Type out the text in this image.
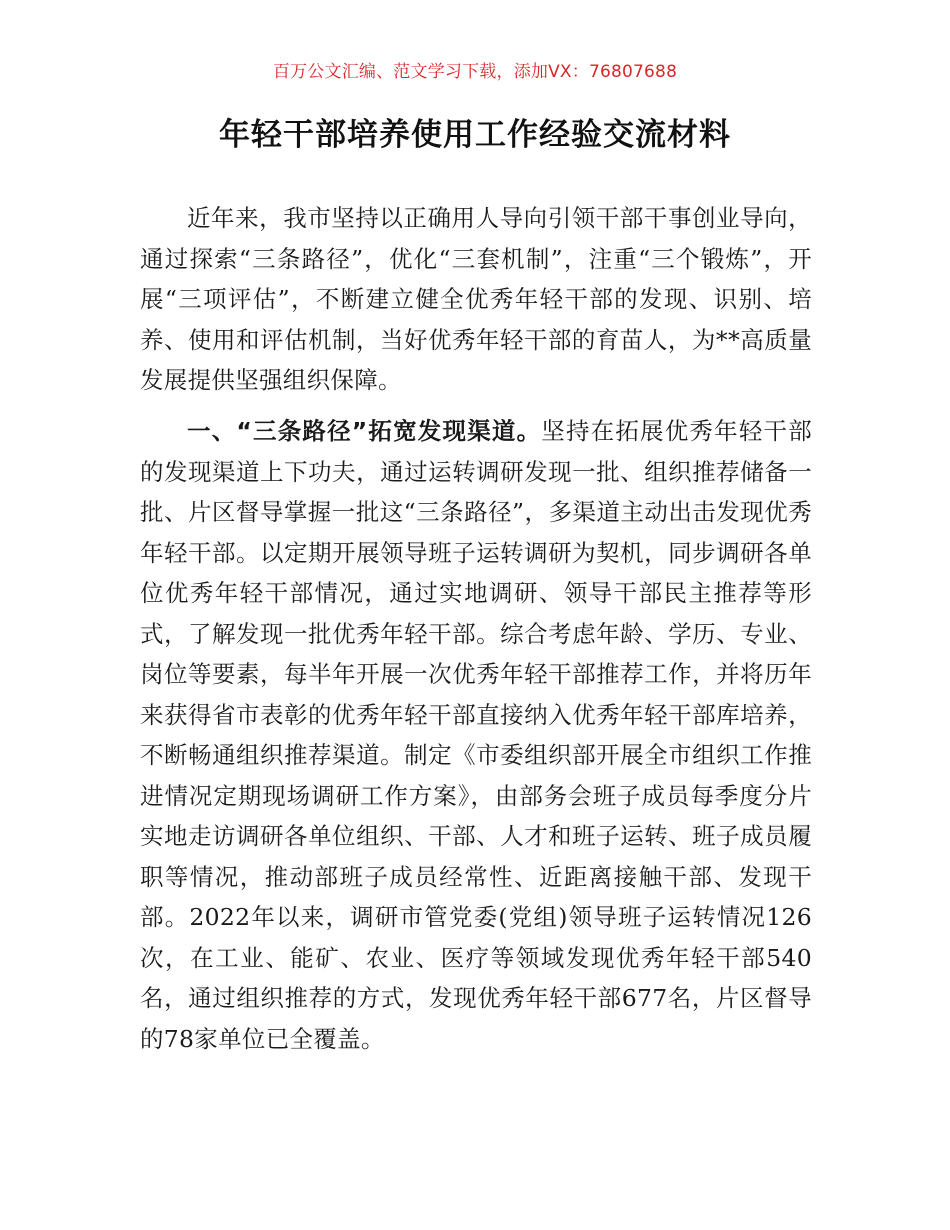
百万公文汇编、范文学习下载，添加VX：76807688
年轻干部培养使用工作经验交流材料

近年来，我市坚持以正确用人导向引领干部干事创业导向，通过探索“三条路径”，优化“三套机制”，注重“三个锻炼”，开展“三项评估”，不断建立健全优秀年轻干部的发现、识别、培养、使用和评估机制，当好优秀年轻干部的育苗人，为**高质量发展提供坚强组织保障。

一、“三条路径”拓宽发现渠道。坚持在拓展优秀年轻干部的发现渠道上下功夫，通过运转调研发现一批、组织推荐储备一批、片区督导掌握一批这“三条路径”，多渠道主动出击发现优秀年轻干部。以定期开展领导班子运转调研为契机，同步调研各单位优秀年轻干部情况，通过实地调研、领导干部民主推荐等形式，了解发现一批优秀年轻干部。综合考虑年龄、学历、专业、岗位等要素，每半年开展一次优秀年轻干部推荐工作，并将历年来获得省市表彰的优秀年轻干部直接纳入优秀年轻干部库培养，不断畅通组织推荐渠道。制定《市委组织部开展全市组织工作推进情况定期现场调研工作方案》，由部务会班子成员每季度分片实地走访调研各单位组织、干部、人才和班子运转、班子成员履职等情况，推动部班子成员经常性、近距离接触干部、发现干部。2022年以来，调研市管党委(党组)领导班子运转情况126次，在工业、能矿、农业、医疗等领域发现优秀年轻干部540名，通过组织推荐的方式，发现优秀年轻干部677名，片区督导的78家单位已全覆盖。
